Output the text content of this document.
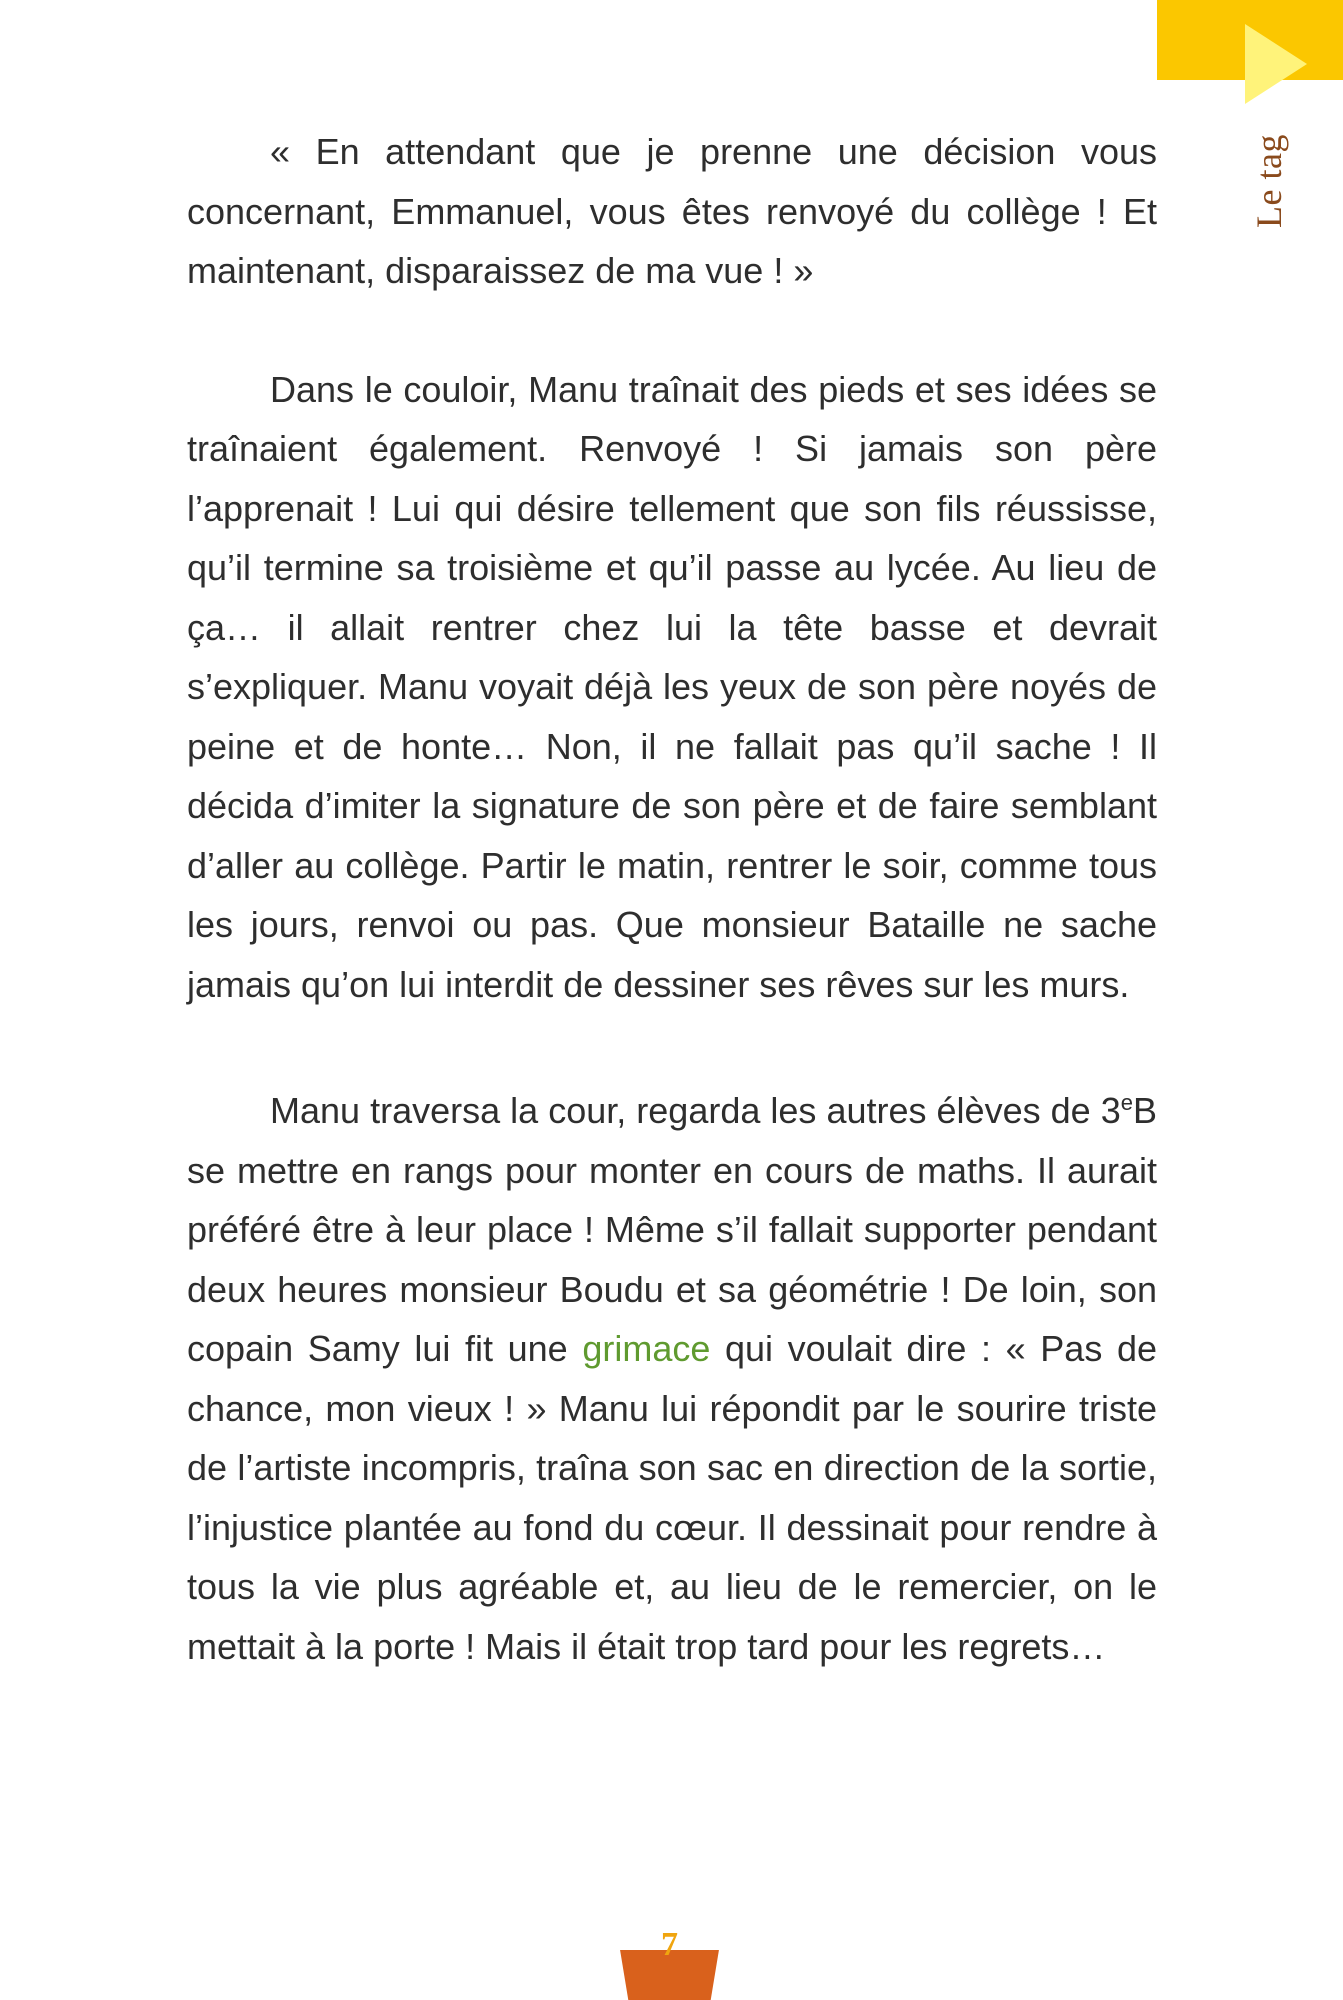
Le tag

« En attendant que je prenne une décision vous concernant, Emmanuel, vous êtes renvoyé du collège ! Et maintenant, disparaissez de ma vue ! »

Dans le couloir, Manu traînait des pieds et ses idées se traînaient également. Renvoyé ! Si jamais son père l’apprenait ! Lui qui désire tellement que son fils réussisse, qu’il termine sa troisième et qu’il passe au lycée. Au lieu de ça… il allait rentrer chez lui la tête basse et devrait s’expliquer. Manu voyait déjà les yeux de son père noyés de peine et de honte… Non, il ne fallait pas qu’il sache ! Il décida d’imiter la signature de son père et de faire semblant d’aller au collège. Partir le matin, rentrer le soir, comme tous les jours, renvoi ou pas. Que monsieur Bataille ne sache jamais qu’on lui interdit de dessiner ses rêves sur les murs.

Manu traversa la cour, regarda les autres élèves de 3eB se mettre en rangs pour monter en cours de maths. Il aurait préféré être à leur place ! Même s’il fallait supporter pendant deux heures monsieur Boudu et sa géométrie ! De loin, son copain Samy lui fit une grimace qui voulait dire : « Pas de chance, mon vieux ! » Manu lui répondit par le sourire triste de l’artiste incompris, traîna son sac en direction de la sortie, l’injustice plantée au fond du cœur. Il dessinait pour rendre à tous la vie plus agréable et, au lieu de le remercier, on le mettait à la porte ! Mais il était trop tard pour les regrets…

7
